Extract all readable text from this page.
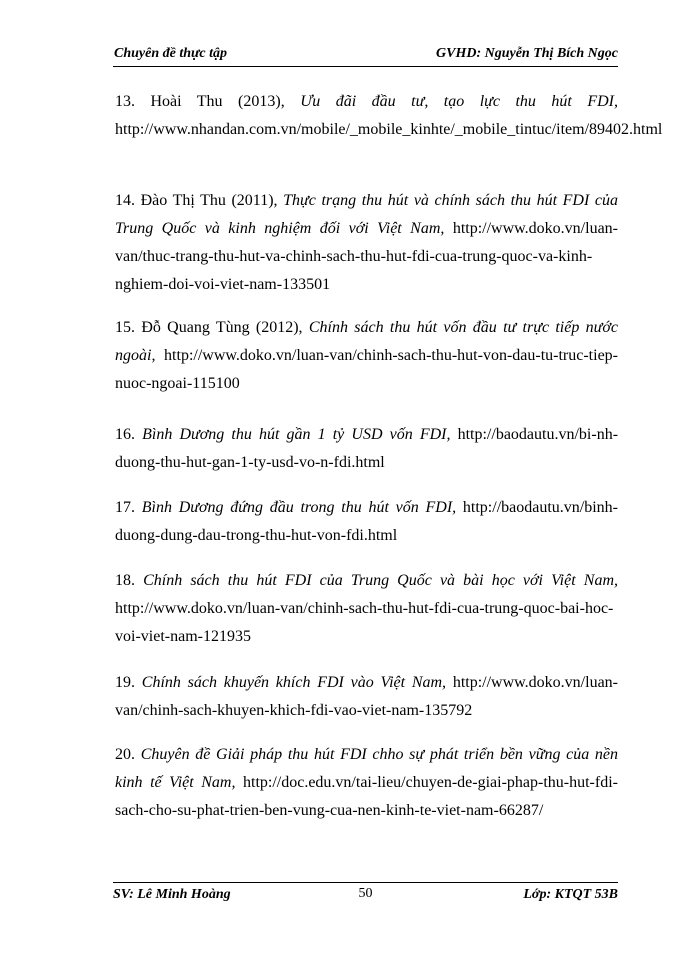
Chuyên đề thực tập	GVHD: Nguyễn Thị Bích Ngọc
13. Hoài Thu (2013), Ưu đãi đầu tư, tạo lực thu hút FDI, http://www.nhandan.com.vn/mobile/_mobile_kinhte/_mobile_tintuc/item/89402.html
14. Đào Thị Thu (2011), Thực trạng thu hút và chính sách thu hút FDI của Trung Quốc và kinh nghiệm đối với Việt Nam, http://www.doko.vn/luan-van/thuc-trang-thu-hut-va-chinh-sach-thu-hut-fdi-cua-trung-quoc-va-kinh-nghiem-doi-voi-viet-nam-133501
15. Đỗ Quang Tùng (2012), Chính sách thu hút vốn đầu tư trực tiếp nước ngoài, http://www.doko.vn/luan-van/chinh-sach-thu-hut-von-dau-tu-truc-tiep-nuoc-ngoai-115100
16. Bình Dương thu hút gần 1 tỷ USD vốn FDI, http://baodautu.vn/bi-nh-duong-thu-hut-gan-1-ty-usd-vo-n-fdi.html
17. Bình Dương đứng đầu trong thu hút vốn FDI, http://baodautu.vn/binh-duong-dung-dau-trong-thu-hut-von-fdi.html
18. Chính sách thu hút FDI của Trung Quốc và bài học với Việt Nam, http://www.doko.vn/luan-van/chinh-sach-thu-hut-fdi-cua-trung-quoc-bai-hoc-voi-viet-nam-121935
19. Chính sách khuyến khích FDI vào Việt Nam, http://www.doko.vn/luan-van/chinh-sach-khuyen-khich-fdi-vao-viet-nam-135792
20. Chuyên đề Giải pháp thu hút FDI chho sự phát triển bền vững của nền kinh tế Việt Nam, http://doc.edu.vn/tai-lieu/chuyen-de-giai-phap-thu-hut-fdi-sach-cho-su-phat-trien-ben-vung-cua-nen-kinh-te-viet-nam-66287/
SV: Lê Minh Hoàng	50	Lớp: KTQT 53B
